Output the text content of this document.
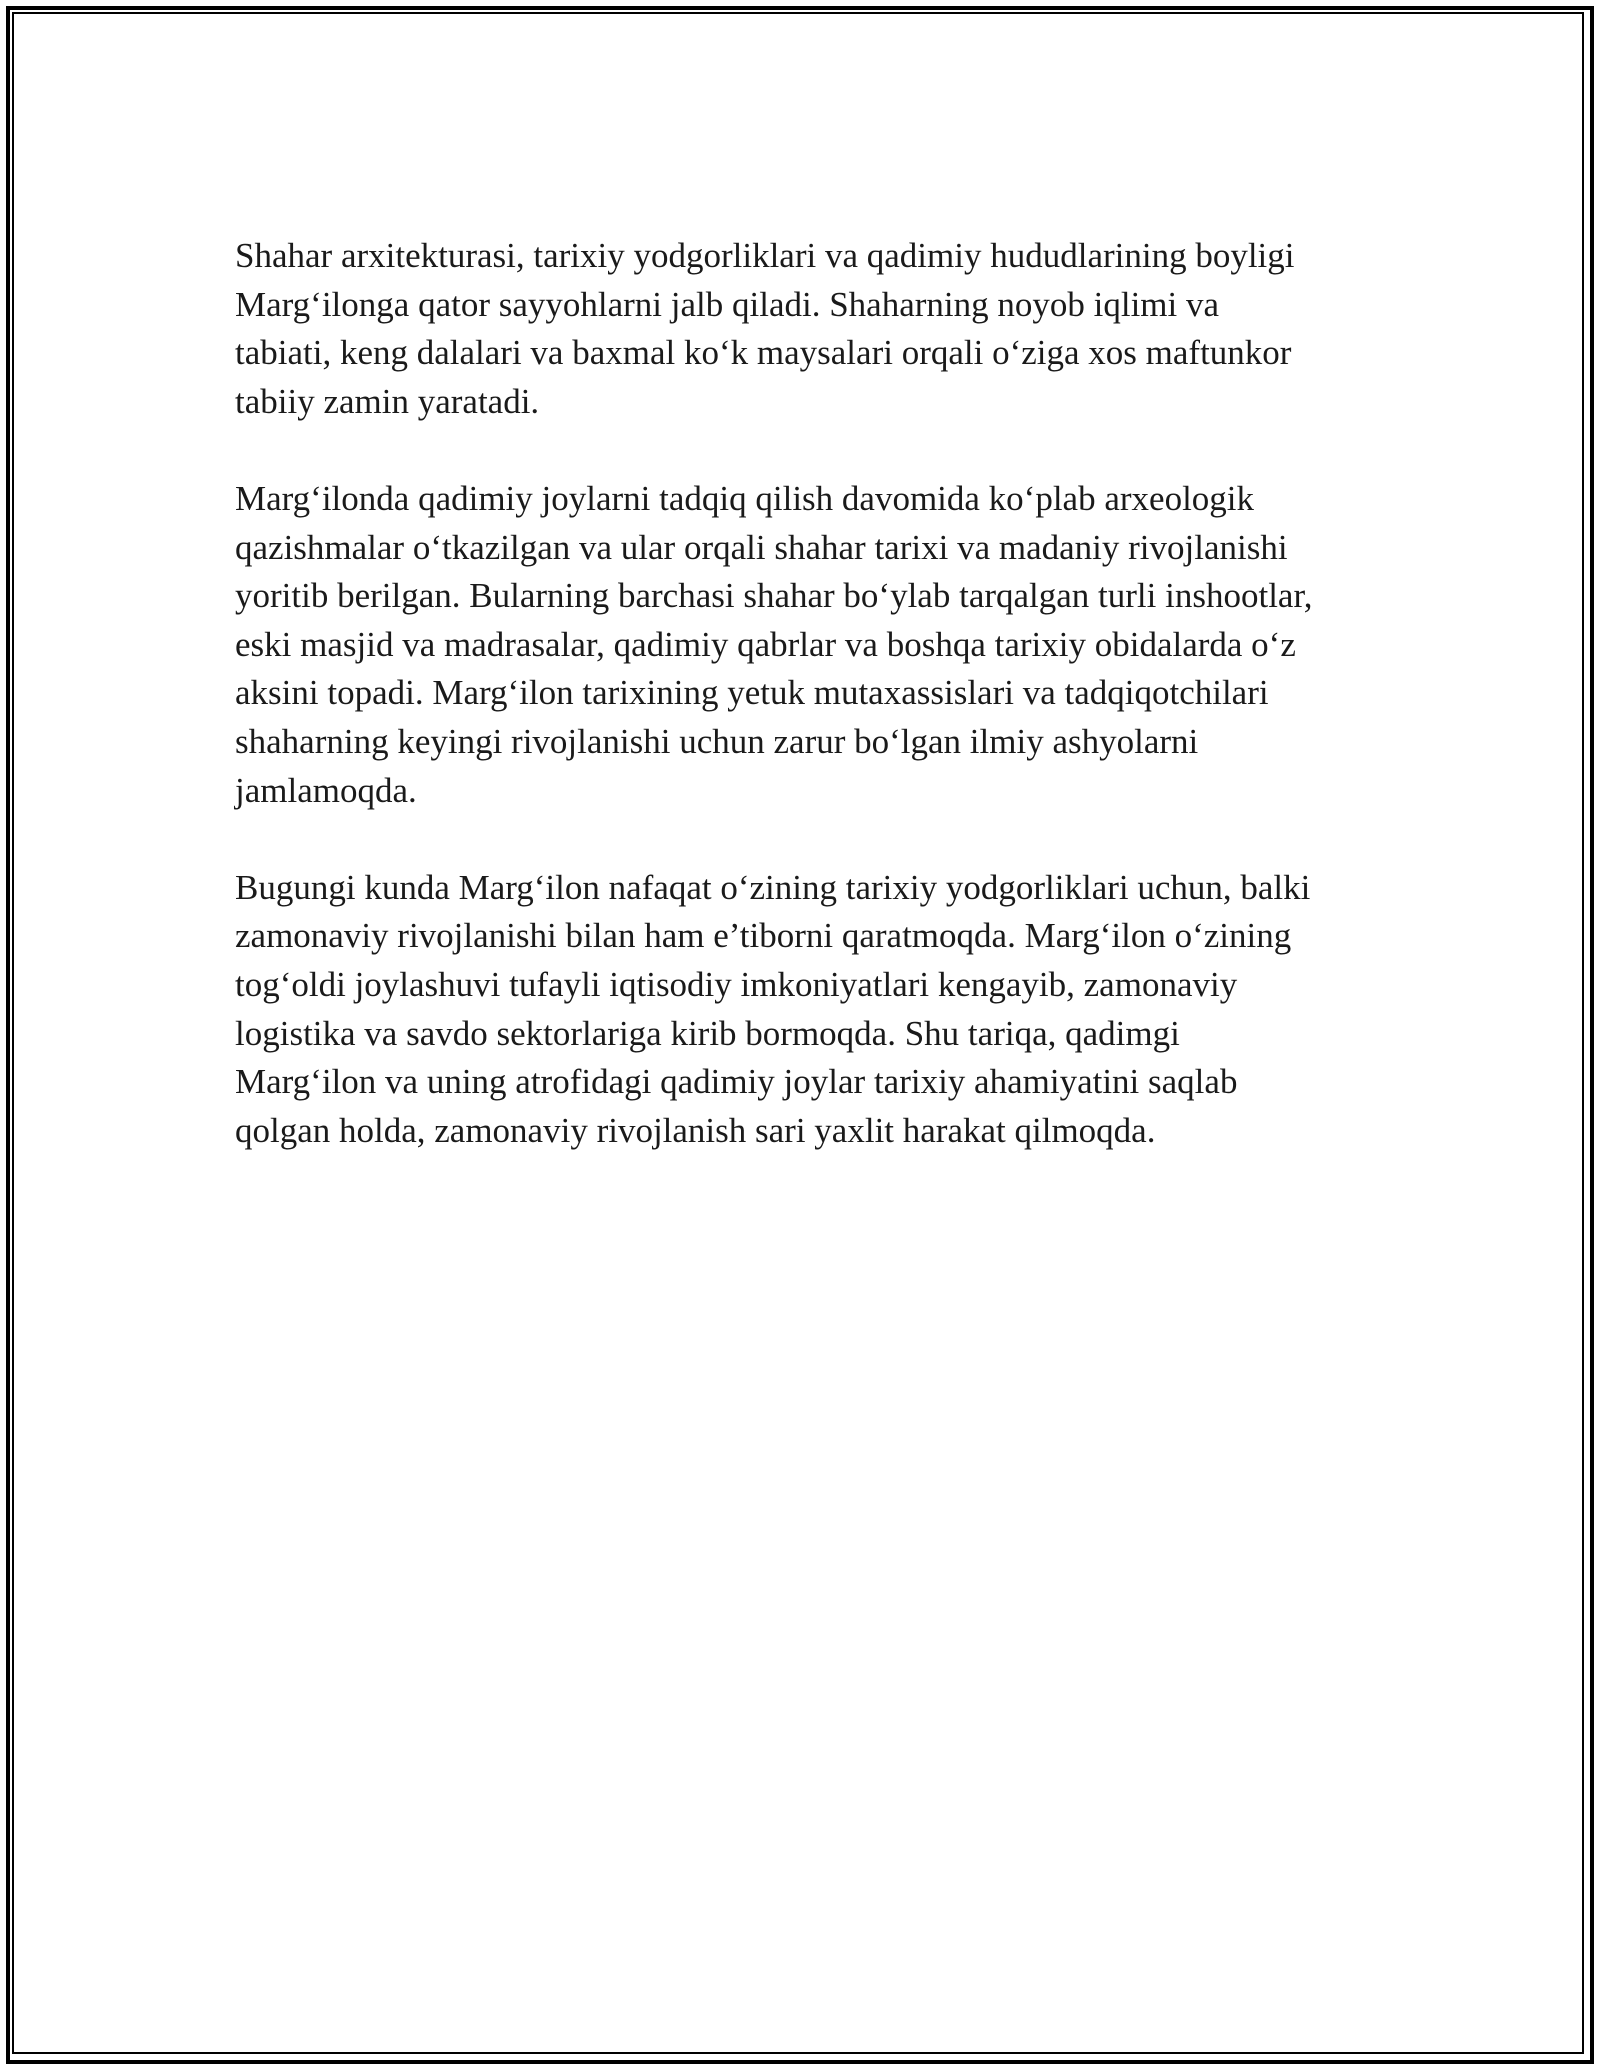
Shahar arxitekturasi, tarixiy yodgorliklari va qadimiy hududlarining boyligi
Marg‘ilonga qator sayyohlarni jalb qiladi. Shaharning noyob iqlimi va
tabiati, keng dalalari va baxmal ko‘k maysalari orqali o‘ziga xos maftunkor
tabiiy zamin yaratadi.

Marg‘ilonda qadimiy joylarni tadqiq qilish davomida ko‘plab arxeologik
qazishmalar o‘tkazilgan va ular orqali shahar tarixi va madaniy rivojlanishi
yoritib berilgan. Bularning barchasi shahar bo‘ylab tarqalgan turli inshootlar,
eski masjid va madrasalar, qadimiy qabrlar va boshqa tarixiy obidalarda o‘z
aksini topadi. Marg‘ilon tarixining yetuk mutaxassislari va tadqiqotchilari
shaharning keyingi rivojlanishi uchun zarur bo‘lgan ilmiy ashyolarni
jamlamoqda.

Bugungi kunda Marg‘ilon nafaqat o‘zining tarixiy yodgorliklari uchun, balki
zamonaviy rivojlanishi bilan ham e’tiborni qaratmoqda. Marg‘ilon o‘zining
tog‘oldi joylashuvi tufayli iqtisodiy imkoniyatlari kengayib, zamonaviy
logistika va savdo sektorlariga kirib bormoqda. Shu tariqa, qadimgi
Marg‘ilon va uning atrofidagi qadimiy joylar tarixiy ahamiyatini saqlab
qolgan holda, zamonaviy rivojlanish sari yaxlit harakat qilmoqda.
